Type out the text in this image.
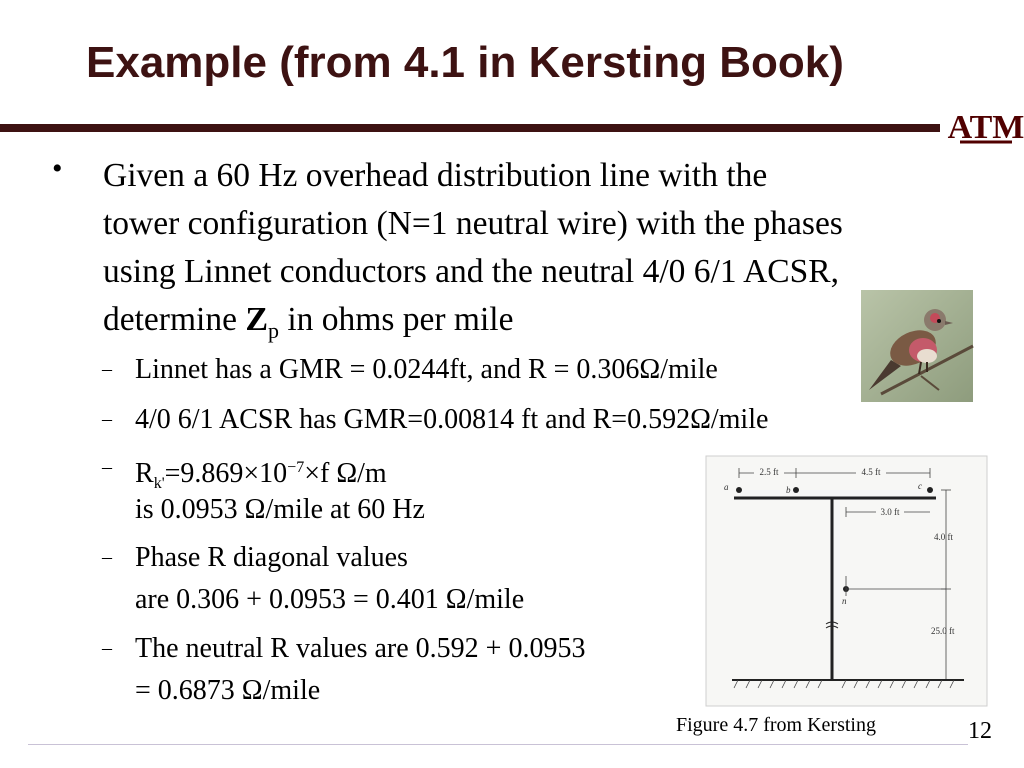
Example (from 4.1 in Kersting Book)
ATM
• Given a 60 Hz overhead distribution line with the
tower configuration (N=1 neutral wire) with the phases
using Linnet conductors and the neutral 4/0 6/1 ACSR,
determine $Z_p$ in ohms per mile
– Linnet has a GMR = 0.0244ft, and R = 0.306Ω/mile
– 4/0 6/1 ACSR has GMR=0.00814 ft and R=0.592Ω/mile
– $R_{k'}=9.869\times 10^{-7}\times f$ Ω/m
is 0.0953 Ω/mile at 60 Hz
– Phase R diagonal values
are 0.306 + 0.0953 = 0.401 Ω/mile
– The neutral R values are 0.592 + 0.0953
= 0.6873 Ω/mile
2.5 ft	4.5 ft
a	b	c
3.0 ft
4.0 ft
25.0 ft
n
Figure 4.7 from Kersting	12
